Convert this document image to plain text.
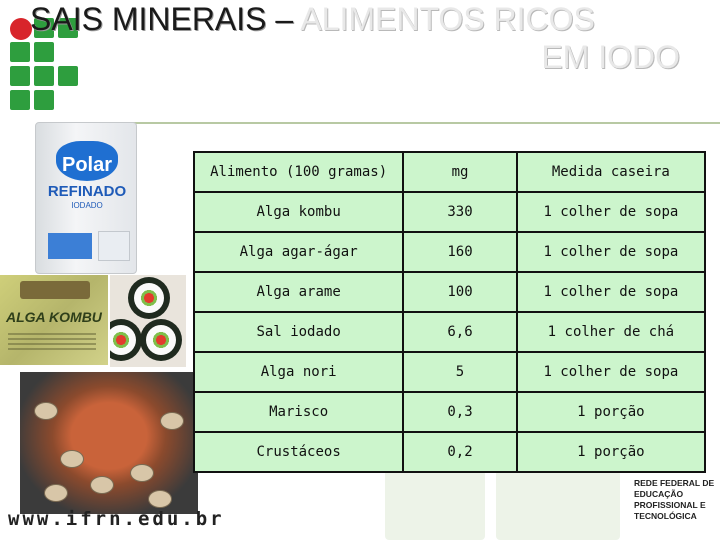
SAIS MINERAIS – ALIMENTOS RICOS
EM IODO
Polar
REFINADO
IODADO
ALGA KOMBU
www.ifrn.edu.br
REDE FEDERAL DE EDUCAÇÃO PROFISSIONAL E TECNOLÓGICA
Alimento (100 gramas)	mg	Medida caseira
Alga kombu	330	1 colher de sopa
Alga agar-ágar	160	1 colher de sopa
Alga arame	100	1 colher de sopa
Sal iodado	6,6	1 colher de chá
Alga nori	5	1 colher de sopa
Marisco	0,3	1 porção
Crustáceos	0,2	1 porção
